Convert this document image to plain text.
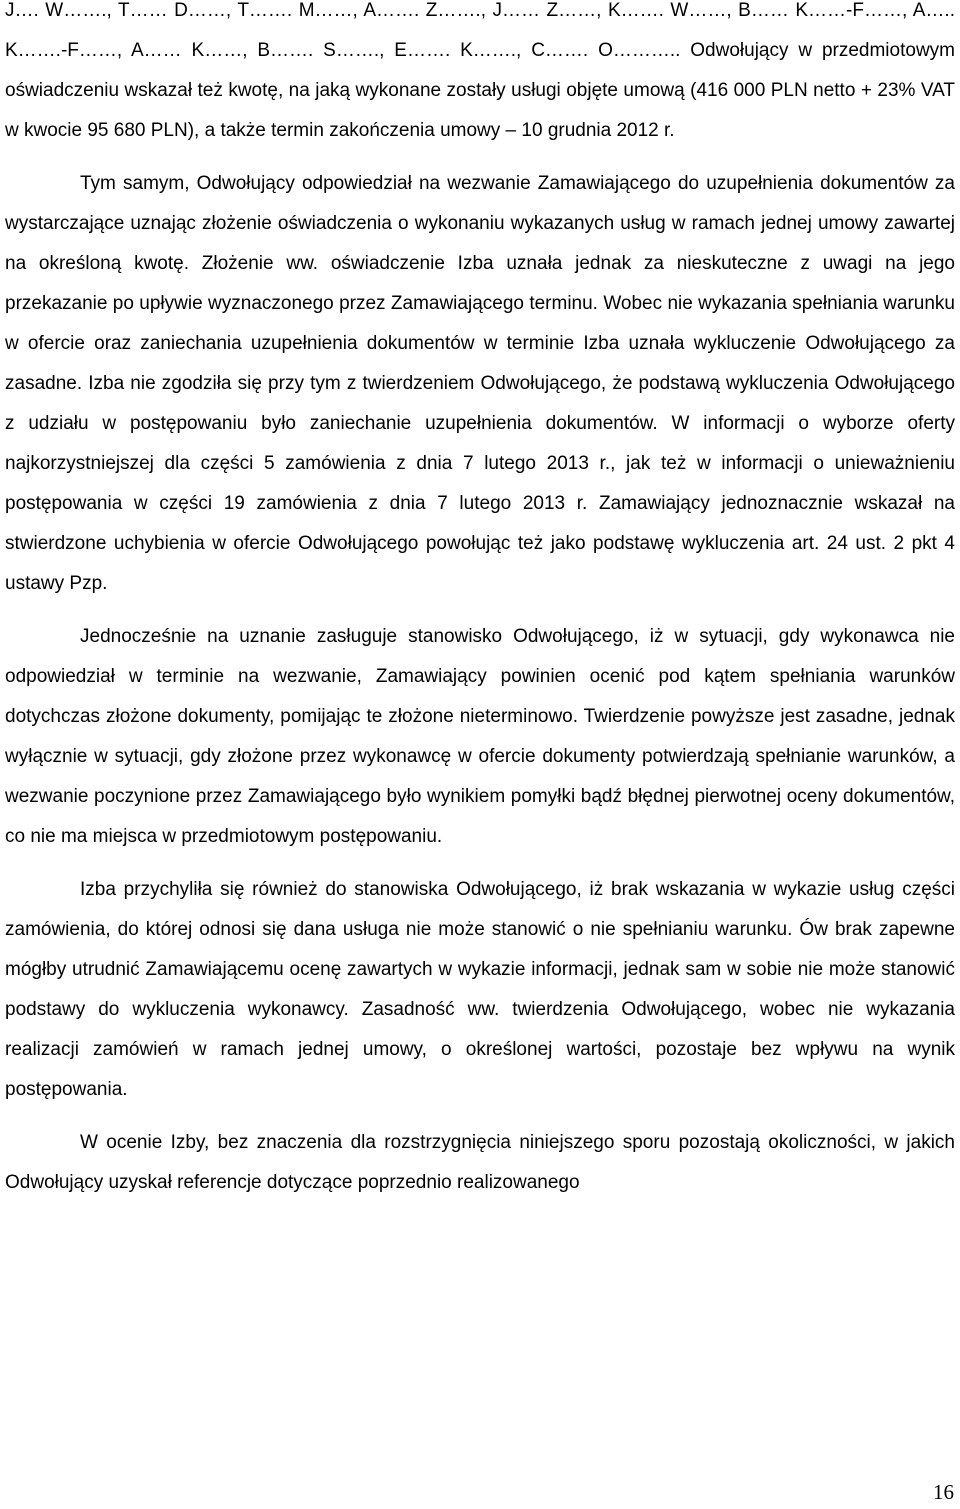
J…. W……., T…… D……, T……. M……, A……. Z……., J…… Z……, K……. W……, B…… K……-F……, A….. K…….-F……, A…… K……, B……. S……., E……. K……., C……. O……….. Odwołujący w przedmiotowym oświadczeniu wskazał też kwotę, na jaką wykonane zostały usługi objęte umową (416 000 PLN netto + 23% VAT w kwocie 95 680 PLN), a także termin zakończenia umowy – 10 grudnia 2012 r.

Tym samym, Odwołujący odpowiedział na wezwanie Zamawiającego do uzupełnienia dokumentów za wystarczające uznając złożenie oświadczenia o wykonaniu wykazanych usług w ramach jednej umowy zawartej na określoną kwotę. Złożenie ww. oświadczenie Izba uznała jednak za nieskuteczne z uwagi na jego przekazanie po upływie wyznaczonego przez Zamawiającego terminu. Wobec nie wykazania spełniania warunku w ofercie oraz zaniechania uzupełnienia dokumentów w terminie Izba uznała wykluczenie Odwołującego za zasadne. Izba nie zgodziła się przy tym z twierdzeniem Odwołującego, że podstawą wykluczenia Odwołującego z udziału w postępowaniu było zaniechanie uzupełnienia dokumentów. W informacji o wyborze oferty najkorzystniejszej dla części 5 zamówienia z dnia 7 lutego 2013 r., jak też w informacji o unieważnieniu postępowania w części 19 zamówienia z dnia 7 lutego 2013 r. Zamawiający jednoznacznie wskazał na stwierdzone uchybienia w ofercie Odwołującego powołując też jako podstawę wykluczenia art. 24 ust. 2 pkt 4 ustawy Pzp.

Jednocześnie na uznanie zasługuje stanowisko Odwołującego, iż w sytuacji, gdy wykonawca nie odpowiedział w terminie na wezwanie, Zamawiający powinien ocenić pod kątem spełniania warunków dotychczas złożone dokumenty, pomijając te złożone nieterminowo. Twierdzenie powyższe jest zasadne, jednak wyłącznie w sytuacji, gdy złożone przez wykonawcę w ofercie dokumenty potwierdzają spełnianie warunków, a wezwanie poczynione przez Zamawiającego było wynikiem pomyłki bądź błędnej pierwotnej oceny dokumentów, co nie ma miejsca w przedmiotowym postępowaniu.

Izba przychyliła się również do stanowiska Odwołującego, iż brak wskazania w wykazie usług części zamówienia, do której odnosi się dana usługa nie może stanowić o nie spełnianiu warunku. Ów brak zapewne mógłby utrudnić Zamawiającemu ocenę zawartych w wykazie informacji, jednak sam w sobie nie może stanowić podstawy do wykluczenia wykonawcy. Zasadność ww. twierdzenia Odwołującego, wobec nie wykazania realizacji zamówień w ramach jednej umowy, o określonej wartości, pozostaje bez wpływu na wynik postępowania.

W ocenie Izby, bez znaczenia dla rozstrzygnięcia niniejszego sporu pozostają okoliczności, w jakich Odwołujący uzyskał referencje dotyczące poprzednio realizowanego

16
